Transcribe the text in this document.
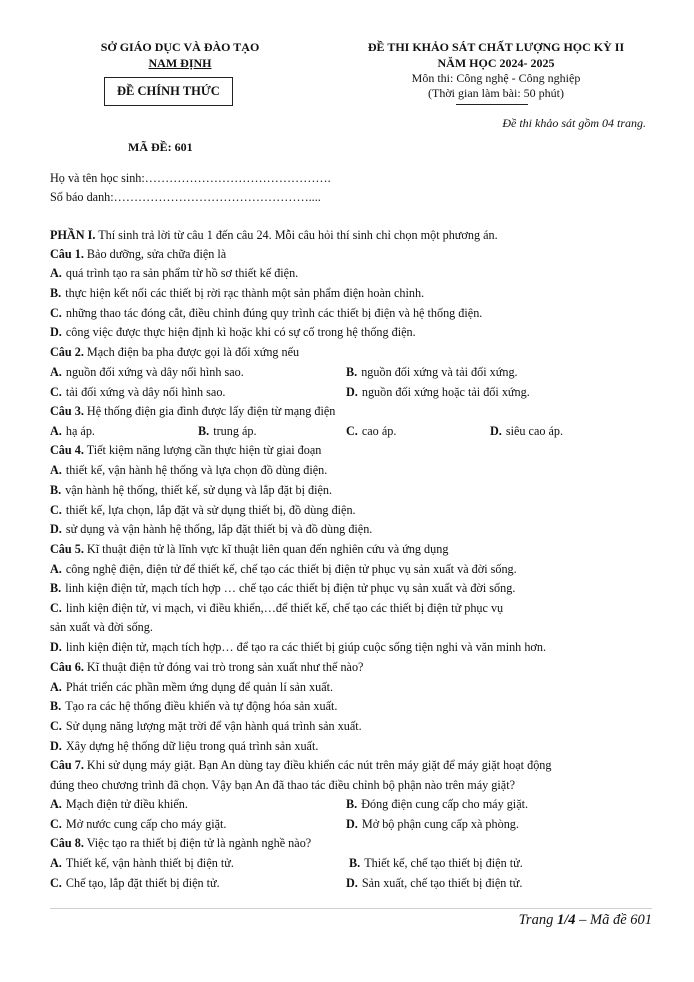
SỞ GIÁO DỤC VÀ ĐÀO TẠO
NAM ĐỊNH
ĐỀ CHÍNH THỨC
MÃ ĐỀ: 601
ĐỀ THI KHẢO SÁT CHẤT LƯỢNG HỌC KỲ II
NĂM HỌC 2024- 2025
Môn thi: Công nghệ - Công nghiệp
(Thời gian làm bài: 50 phút)
Đề thi khảo sát gồm 04 trang.
Họ và tên học sinh:……………………………………….
Số báo danh:…………………………………………....
PHẦN I. Thí sinh trả lời từ câu 1 đến câu 24. Mỗi câu hỏi thí sinh chỉ chọn một phương án.
Câu 1. Bảo dưỡng, sửa chữa điện là
A. quá trình tạo ra sản phẩm từ hồ sơ thiết kế điện.
B. thực hiện kết nối các thiết bị rời rạc thành một sản phẩm điện hoàn chỉnh.
C. những thao tác đóng cắt, điều chỉnh đúng quy trình các thiết bị điện và hệ thống điện.
D. công việc được thực hiện định kì hoặc khi có sự cố trong hệ thống điện.
Câu 2. Mạch điện ba pha được gọi là đối xứng nếu
A. nguồn đối xứng và dây nối hình sao.	B. nguồn đối xứng và tải đối xứng.
C. tải đối xứng và dây nối hình sao.	D. nguồn đối xứng hoặc tải đối xứng.
Câu 3. Hệ thống điện gia đình được lấy điện từ mạng điện
A. hạ áp.	B. trung áp.	C. cao áp.	D. siêu cao áp.
Câu 4. Tiết kiệm năng lượng cần thực hiện từ giai đoạn
A. thiết kế, vận hành hệ thống và lựa chọn đồ dùng điện.
B. vận hành hệ thống, thiết kế, sử dụng và lắp đặt bị điện.
C. thiết kế, lựa chọn, lắp đặt và sử dụng thiết bị, đồ dùng điện.
D. sử dụng và vận hành hệ thống, lắp đặt thiết bị và đồ dùng điện.
Câu 5. Kĩ thuật điện tử là lĩnh vực kĩ thuật liên quan đến nghiên cứu và ứng dụng
A. công nghệ điện, điện tử để thiết kế, chế tạo các thiết bị điện tử phục vụ sản xuất và đời sống.
B. linh kiện điện tử, mạch tích hợp … chế tạo các thiết bị điện tử phục vụ sản xuất và đời sống.
C. linh kiện điện tử, vi mạch, vi điều khiển,…để thiết kế, chế tạo các thiết bị điện tử phục vụ
sản xuất và đời sống.
D. linh kiện điện tử, mạch tích hợp… để tạo ra các thiết bị giúp cuộc sống tiện nghi và văn minh hơn.
Câu 6. Kĩ thuật điện tử đóng vai trò trong sản xuất như thế nào?
A. Phát triển các phần mềm ứng dụng để quản lí sản xuất.
B. Tạo ra các hệ thống điều khiển và tự động hóa sản xuất.
C. Sử dụng năng lượng mặt trời để vận hành quá trình sản xuất.
D. Xây dựng hệ thống dữ liệu trong quá trình sản xuất.
Câu 7. Khi sử dụng máy giặt. Bạn An dùng tay điều khiển các nút trên máy giặt để máy giặt hoạt động
đúng theo chương trình đã chọn. Vậy bạn An đã thao tác điều chỉnh bộ phận nào trên máy giặt?
A. Mạch điện tử điều khiển.	B. Đóng điện cung cấp cho máy giặt.
C. Mở nước cung cấp cho máy giặt.	D. Mở bộ phận cung cấp xà phòng.
Câu 8. Việc tạo ra thiết bị điện tử là ngành nghề nào?
A. Thiết kế, vận hành thiết bị điện tử.	B. Thiết kế, chế tạo thiết bị điện tử.
C. Chế tạo, lắp đặt thiết bị điện tử.	D. Sản xuất, chế tạo thiết bị điện tử.
Trang 1/4 – Mã đề 601
